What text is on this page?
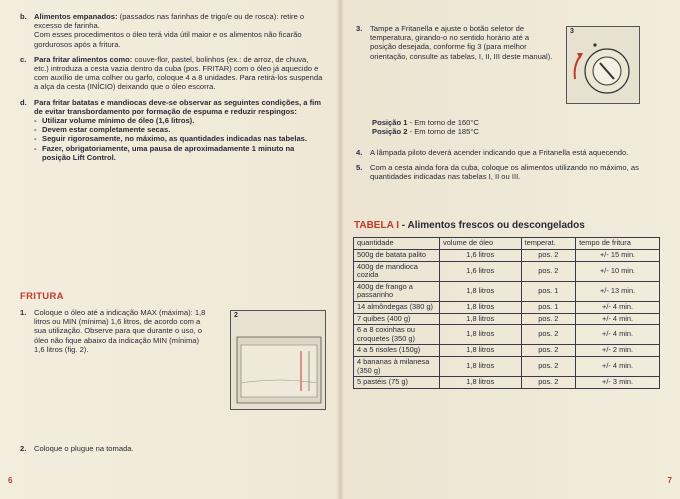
b. Alimentos empanados: (passados nas farinhas de trigo/e ou de rosca): retire o excesso de farinha.
Com esses procedimentos o óleo terá vida útil maior e os alimentos não ficarão gordurosos após a fritura.
c.	Para fritar alimentos como: couve-flor, pastel, bolinhos (ex.: de arroz, de chuva, etc.) introduza a cesta vazia dentro da cuba (pos. FRITAR) com o óleo já aquecido e com auxílio de uma colher ou garfo, coloque 4 a 8 unidades. Para retirá-los suspenda a alça da cesta (INÍCIO) deixando que o óleo escorra.
d. Para fritar batatas e mandiocas deve-se observar as seguintes condições, a fim de evitar transbordamento por formação de espuma e reduzir respingos:
- Utilizar volume mínimo de óleo (1,6 litros).
- Devem estar completamente secas.
- Seguir rigorosamente, no máximo, as quantidades indicadas nas tabelas.
- Fazer, obrigatoriamente, uma pausa de aproximadamente 1 minuto na posição Lift Control.
FRITURA
1.	Coloque o óleo até a indicação MAX (máxima): 1,8 litros ou MIN (mínima) 1,6 litros, de acordo com a sua utilização. Observe para que durante o uso, o óleo não fique abaixo da indicação MIN (mínima) 1,6 litros (fig. 2).
2.	Coloque o plugue na tomada.
2
6
3.	Tampe a Fritanella e ajuste o botão seletor de temperatura, girando-o no sentido horário até a posição desejada, conforme fig 3 (para melhor orientação, consulte as tabelas, I, II, III deste manual).
3
Posição 1 - Em torno de 160°C
Posição 2 - Em torno de 185°C
4.	A lâmpada piloto deverá acender indicando que a Fritanella está aquecendo.
5.	Com a cesta ainda fora da cuba, coloque os alimentos utilizando no máximo, as quantidades indicadas nas tabelas I, II ou III.
TABELA I - Alimentos frescos ou descongelados
quantidade	volume de óleo	temperat.	tempo de fritura
500g de batata palito	1,6 litros	pos. 2	+/- 15 min.
400g de mandioca cozida	1,6 litros	pos. 2	+/- 10 min.
400g de frango a passarinho	1,8 litros	pos. 1	+/- 13 min.
14 almôndegas (380 g)	1,8 litros	pos. 1	+/- 4 min.
7 quibes (400 g)	1,8 litros	pos. 2	+/- 4 min.
6 a 8 coxinhas ou croquetes (350 g)	1,8 litros	pos. 2	+/- 4 min.
4 a 5 risoles (150g)	1,8 litros	pos. 2	+/- 2 min.
4 bananas à milanesa (350 g)	1,8 litros	pos. 2	+/- 4 min.
5 pastéis (75 g)	1,8 litros	pos. 2	+/- 3 min.
7
